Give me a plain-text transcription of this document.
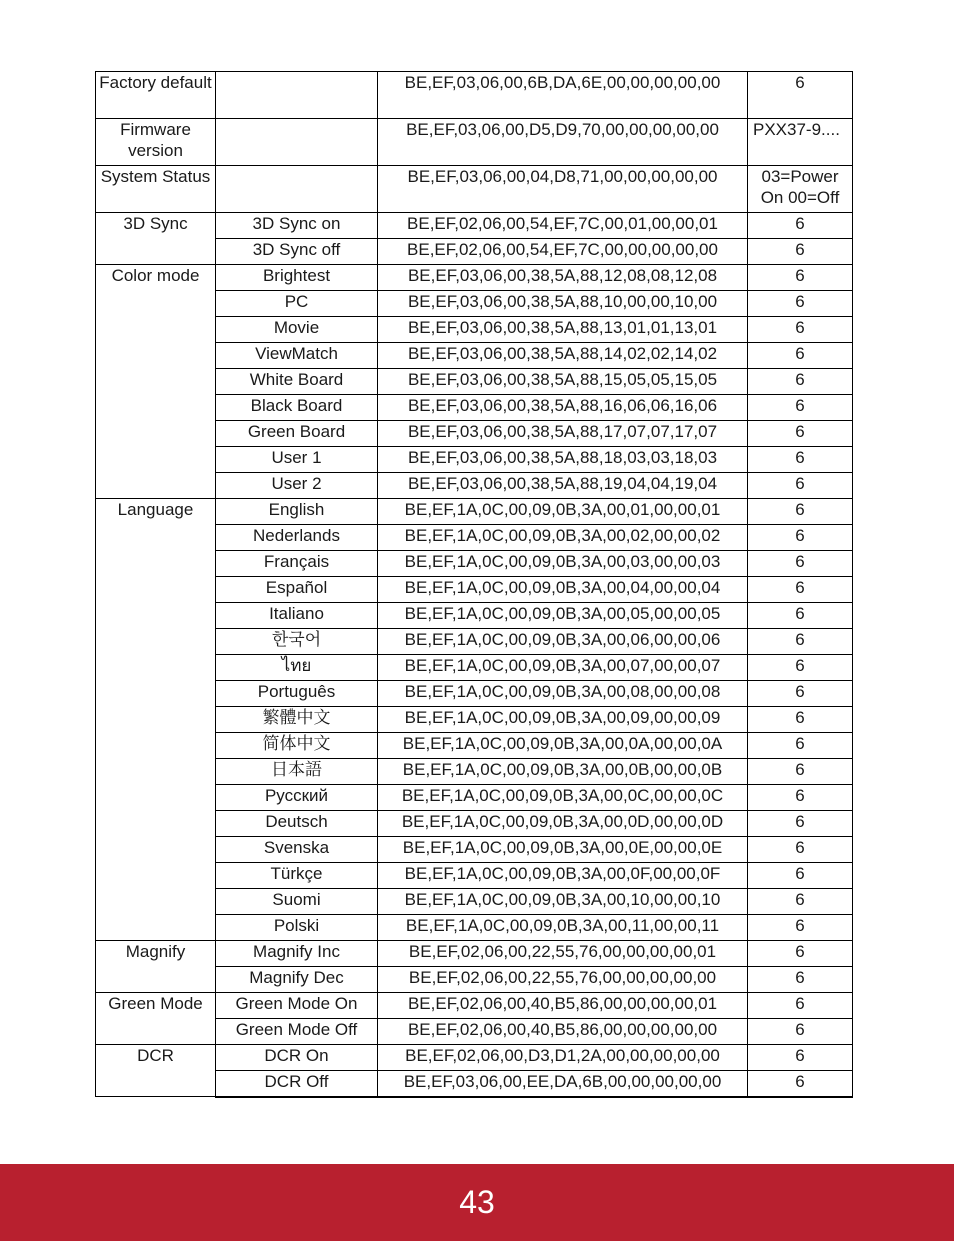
Factory default		BE,EF,03,06,00,6B,DA,6E,00,00,00,00,00	6
Firmware version		BE,EF,03,06,00,D5,D9,70,00,00,00,00,00	PXX37-9....
System Status		BE,EF,03,06,00,04,D8,71,00,00,00,00,00	03=Power On 00=Off
3D Sync	3D Sync on	BE,EF,02,06,00,54,EF,7C,00,01,00,00,01	6
	3D Sync off	BE,EF,02,06,00,54,EF,7C,00,00,00,00,00	6
Color mode	Brightest	BE,EF,03,06,00,38,5A,88,12,08,08,12,08	6
	PC	BE,EF,03,06,00,38,5A,88,10,00,00,10,00	6
	Movie	BE,EF,03,06,00,38,5A,88,13,01,01,13,01	6
	ViewMatch	BE,EF,03,06,00,38,5A,88,14,02,02,14,02	6
	White Board	BE,EF,03,06,00,38,5A,88,15,05,05,15,05	6
	Black Board	BE,EF,03,06,00,38,5A,88,16,06,06,16,06	6
	Green Board	BE,EF,03,06,00,38,5A,88,17,07,07,17,07	6
	User 1	BE,EF,03,06,00,38,5A,88,18,03,03,18,03	6
	User 2	BE,EF,03,06,00,38,5A,88,19,04,04,19,04	6
Language	English	BE,EF,1A,0C,00,09,0B,3A,00,01,00,00,01	6
	Nederlands	BE,EF,1A,0C,00,09,0B,3A,00,02,00,00,02	6
	Français	BE,EF,1A,0C,00,09,0B,3A,00,03,00,00,03	6
	Español	BE,EF,1A,0C,00,09,0B,3A,00,04,00,00,04	6
	Italiano	BE,EF,1A,0C,00,09,0B,3A,00,05,00,00,05	6
	한국어	BE,EF,1A,0C,00,09,0B,3A,00,06,00,00,06	6
	ไทย	BE,EF,1A,0C,00,09,0B,3A,00,07,00,00,07	6
	Português	BE,EF,1A,0C,00,09,0B,3A,00,08,00,00,08	6
	繁體中文	BE,EF,1A,0C,00,09,0B,3A,00,09,00,00,09	6
	简体中文	BE,EF,1A,0C,00,09,0B,3A,00,0A,00,00,0A	6
	日本語	BE,EF,1A,0C,00,09,0B,3A,00,0B,00,00,0B	6
	Русский	BE,EF,1A,0C,00,09,0B,3A,00,0C,00,00,0C	6
	Deutsch	BE,EF,1A,0C,00,09,0B,3A,00,0D,00,00,0D	6
	Svenska	BE,EF,1A,0C,00,09,0B,3A,00,0E,00,00,0E	6
	Türkçe	BE,EF,1A,0C,00,09,0B,3A,00,0F,00,00,0F	6
	Suomi	BE,EF,1A,0C,00,09,0B,3A,00,10,00,00,10	6
	Polski	BE,EF,1A,0C,00,09,0B,3A,00,11,00,00,11	6
Magnify	Magnify Inc	BE,EF,02,06,00,22,55,76,00,00,00,00,01	6
	Magnify Dec	BE,EF,02,06,00,22,55,76,00,00,00,00,00	6
Green Mode	Green Mode On	BE,EF,02,06,00,40,B5,86,00,00,00,00,01	6
	Green Mode Off	BE,EF,02,06,00,40,B5,86,00,00,00,00,00	6
DCR	DCR On	BE,EF,02,06,00,D3,D1,2A,00,00,00,00,00	6
	DCR Off	BE,EF,03,06,00,EE,DA,6B,00,00,00,00,00	6
43
